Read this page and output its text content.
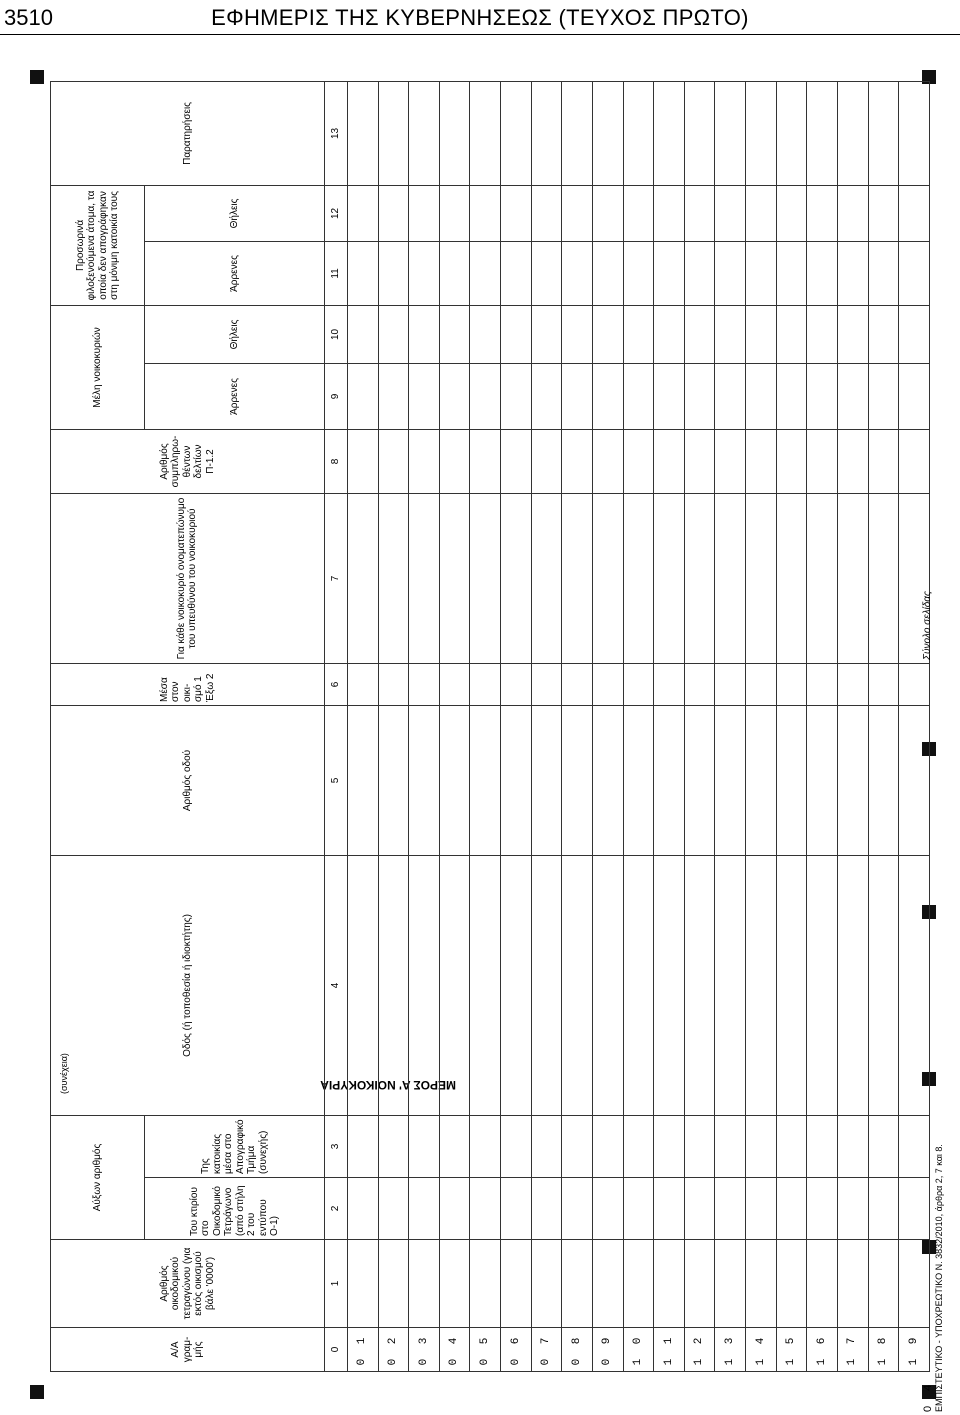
3510	ΕΦΗΜΕΡΙΣ ΤΗΣ ΚΥΒΕΡΝΗΣΕΩΣ (ΤΕΥΧΟΣ ΠΡΩΤΟ)
ΜΕΡΟΣ Α' ΝΟΙΚΟΚΥΡΙΑ
(συνέχεια)
Α/Α γραμ-μής	Αριθμός οικοδομικού τετραγώνου (για εκτός οικισμού βάλε '0000')	Αύξων αριθμός		Οδός (ή τοποθεσία ή ιδιοκτήτης)	Αριθμός οδού	Μέσα στον οικι-σμό 1 Έξω 2	Για κάθε νοικοκυριό ονοματεπώνυμο του υπευθύνου του νοικοκυριού	Αριθμός συμπληρω-θέντων δελτίων Π-1.2	Μέλη νοικοκυριών		Προσωρινά φιλοξενούμενα άτομα, τα οποία δεν απογράφηκαν στη μόνιμη κατοικία τους		Παρατηρήσεις
		Του κτιρίου στο Οικοδομικό Τετράγωνο (από στήλη 2 του εντύπου Ο-1)	Της κατοικίας μέσα στο Απογραφικό Τμήμα (συνεχής)						Άρρενες	Θήλεις	Άρρενες	Θήλεις	
0	1	2	3	4	5	6	7	8	9	10	11	12	13
0 1													
0 2													
0 3													
0 4													
0 5													
0 6													
0 7													
0 8													
0 9													
1 0													
1 1													
1 2													
1 3													
1 4													
1 5													
1 6													
1 7													
1 8													
1 9													
Σύνολο σελίδας
0 4 ΕΜΠΙΣΤΕΥΤΙΚΟ - ΥΠΟΧΡΕΩΤΙΚΟ Ν. 3832/2010, άρθρα 2, 7 και 8.
